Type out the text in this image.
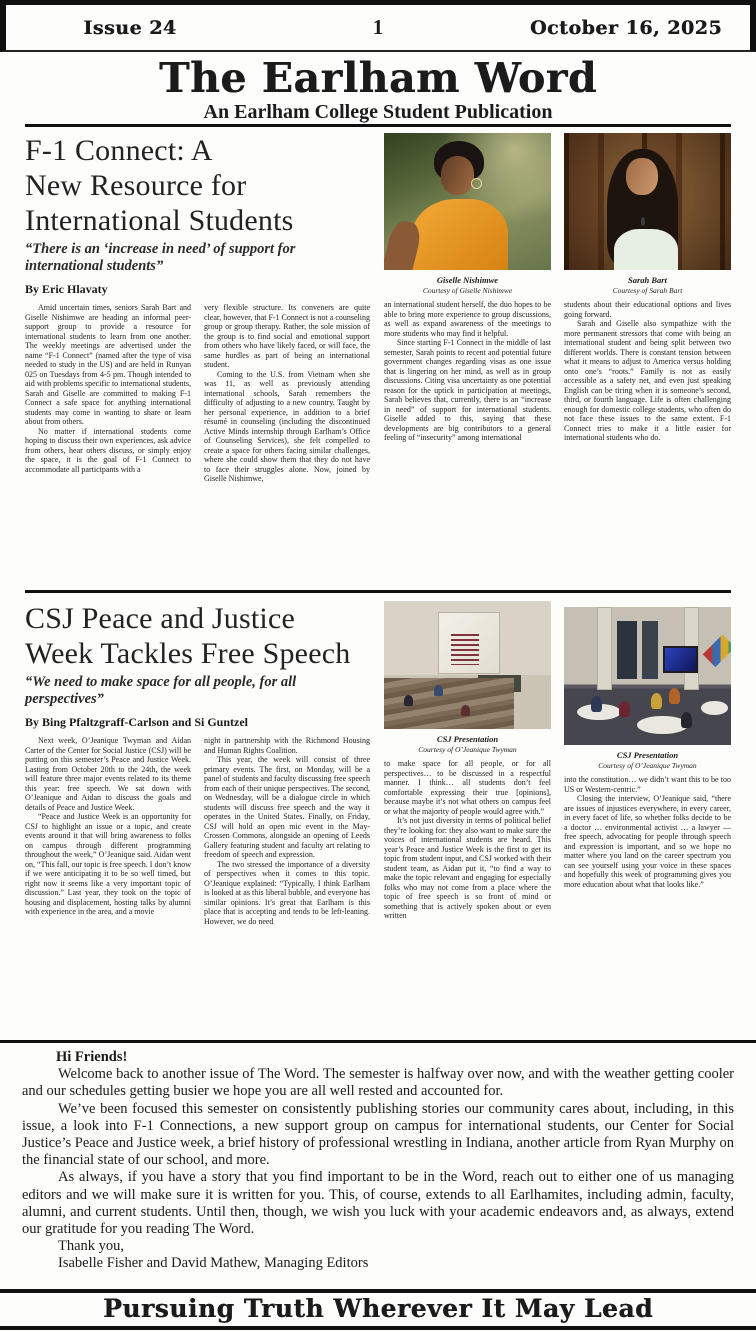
Issue 24	1	October 16, 2025
The Earlham Word
An Earlham College Student Publication
F-1 Connect: A
New Resource for
International Students
“There is an ‘increase in need’ of support for international students”
By Eric Hlavaty

Amid uncertain times, seniors Sarah Bart and Giselle Nishimwe are heading an informal peer-support group to provide a resource for international students to learn from one another. The weekly meetings are advertised under the name “F-1 Connect” (named after the type of visa needed to study in the US) and are held in Runyan 025 on Tuesdays from 4-5 pm. Though intended to aid with problems specific to international students, Sarah and Giselle are committed to making F-1 Connect a safe space for anything international students may come in wanting to share or learn about from others.

No matter if international students come hoping to discuss their own experiences, ask advice from others, hear others discuss, or simply enjoy the space, it is the goal of F-1 Connect to accommodate all participants with a

very flexible structure. Its conveners are quite clear, however, that F-1 Connect is not a counseling group or group therapy. Rather, the sole mission of the group is to find social and emotional support from others who have likely faced, or will face, the same hurdles as part of being an international student.

Coming to the U.S. from Vietnam when she was 11, as well as previously attending international schools, Sarah remembers the difficulty of adjusting to a new country. Taught by her personal experience, in addition to a brief résumé in counseling (including the discontinued Active Minds internship through Earlham’s Office of Counseling Services), she felt compelled to create a space for others facing similar challenges, where she could show them that they do not have to face their struggles alone. Now, joined by Giselle Nishimwe,

Giselle Nishimwe
Courtesy of Giselle Nishimwe

an international student herself, the duo hopes to be able to bring more experience to group discussions, as well as expand awareness of the meetings to more students who may find it helpful.

Since starting F-1 Connect in the middle of last semester, Sarah points to recent and potential future government changes regarding visas as one issue that is lingering on her mind, as well as in group discussions. Citing visa uncertainty as one potential reason for the uptick in participation at meetings, Sarah believes that, currently, there is an “increase in need” of support for international students. Giselle added to this, saying that these developments are big contributors to a general feeling of “insecurity” among international

Sarah Bart
Courtesy of Sarah Bart

students about their educational options and lives going forward.

Sarah and Giselle also sympathize with the more permanent stressors that come with being an international student and being split between two different worlds. There is constant tension between what it means to adjust to America versus holding onto one’s “roots.” Family is not as easily accessible as a safety net, and even just speaking English can be tiring when it is someone’s second, third, or fourth language. Life is often challenging enough for domestic college students, who often do not face these issues to the same extent. F-1 Connect tries to make it a little easier for international students who do.

CSJ Peace and Justice
Week Tackles Free Speech
“We need to make space for all people, for all perspectives”
By Bing Pfaltzgraff-Carlson and Si Guntzel

Next week, O’Jeanique Twyman and Aidan Carter of the Center for Social Justice (CSJ) will be putting on this semester’s Peace and Justice Week. Lasting from October 20th to the 24th, the week will feature three major events related to its theme this year: free speech. We sat down with O’Jeanique and Aidan to discuss the goals and details of Peace and Justice Week.

“Peace and Justice Week is an opportunity for CSJ to highlight an issue or a topic, and create events around it that will bring awareness to folks on campus through different programming throughout the week,” O’Jeanique said. Aidan went on, “This fall, our topic is free speech. I don’t know if we were anticipating it to be so well timed, but right now it seems like a very important topic of discussion.” Last year, they took on the topic of housing and displacement, hosting talks by alumni with experience in the area, and a movie

night in partnership with the Richmond Housing and Human Rights Coalition.

This year, the week will consist of three primary events. The first, on Monday, will be a panel of students and faculty discussing free speech from each of their unique perspectives. The second, on Wednesday, will be a dialogue circle in which students will discuss free speech and the way it operates in the United States. Finally, on Friday, CSJ will hold an open mic event in the May-Crossen Commons, alongside an opening of Leeds Gallery featuring student and faculty art relating to freedom of speech and expression.

The two stressed the importance of a diversity of perspectives when it comes to this topic. O’Jeanique explained: “Typically, I think Earlham is looked at as this liberal bubble, and everyone has similar opinions. It’s great that Earlham is this place that is accepting and tends to be left-leaning. However, we do need

CSJ Presentation
Courtesy of O’Jeanique Twyman

to make space for all people, or for all perspectives… to be discussed in a respectful manner. I think… all students don’t feel comfortable expressing their true [opinions], because maybe it’s not what others on campus feel or what the majority of people would agree with.”

It’s not just diversity in terms of political belief they’re looking for: they also want to make sure the voices of international students are heard. This year’s Peace and Justice Week is the first to get its topic from student input, and CSJ worked with their student team, as Aidan put it, “to find a way to make the topic relevant and engaging for especially folks who may not come from a place where the topic of free speech is so front of mind or something that is actively spoken about or even written

CSJ Presentation
Courtesy of O’Jeanique Twyman

into the constitution… we didn’t want this to be too US or Western-centric.”

Closing the interview, O’Jeanique said, “there are issues of injustices everywhere, in every career, in every facet of life, so whether folks decide to be a doctor … environmental activist … a lawyer — free speech, advocating for people through speech and expression is important, and so we hope no matter where you land on the career spectrum you can see yourself using your voice in these spaces and hopefully this week of programming gives you more education about what that looks like.”

Hi Friends!

Welcome back to another issue of The Word. The semester is halfway over now, and with the weather getting cooler and our schedules getting busier we hope you are all well rested and accounted for.

We’ve been focused this semester on consistently publishing stories our community cares about, including, in this issue, a look into F-1 Connections, a new support group on campus for international students, our Center for Social Justice’s Peace and Justice week, a brief history of professional wrestling in Indiana, another article from Ryan Murphy on the financial state of our school, and more.

As always, if you have a story that you find important to be in the Word, reach out to either one of us managing editors and we will make sure it is written for you. This, of course, extends to all Earlhamites, including admin, faculty, alumni, and current students. Until then, though, we wish you luck with your academic endeavors and, as always, extend our gratitude for you reading The Word.

Thank you,

Isabelle Fisher and David Mathew, Managing Editors

Pursuing Truth Wherever It May Lead
